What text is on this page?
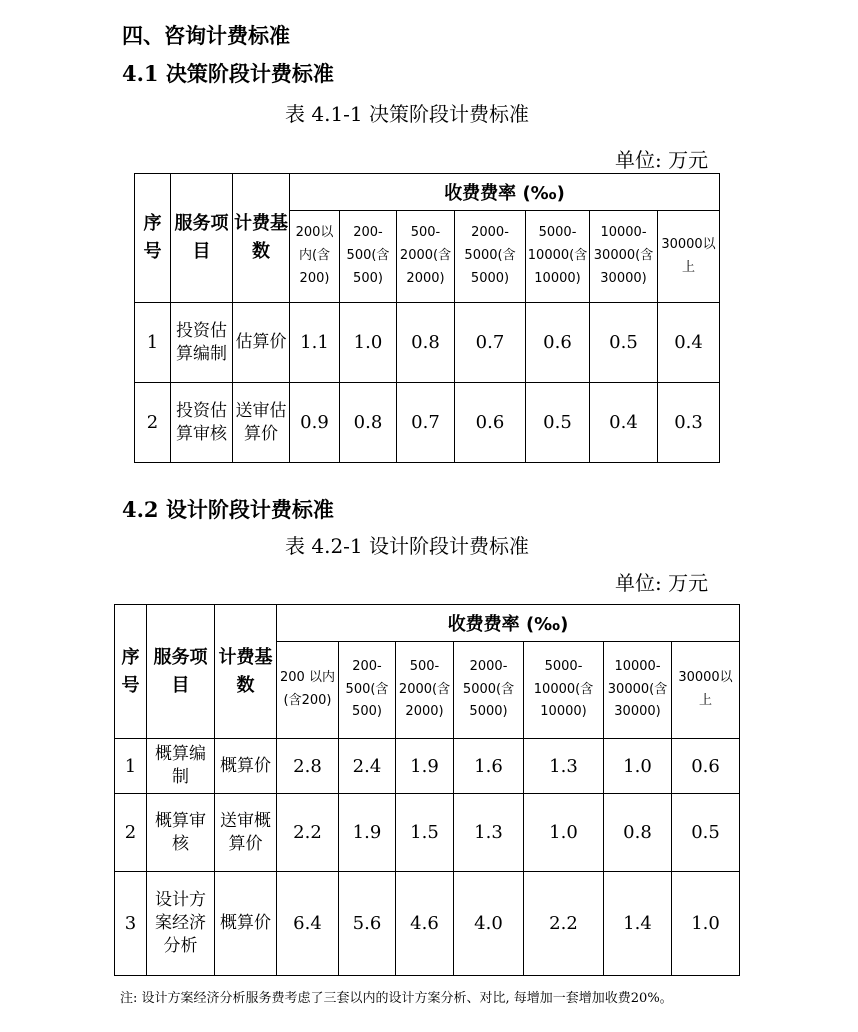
四、咨询计费标准
4.1 决策阶段计费标准
表 4.1-1 决策阶段计费标准
单位: 万元
序号	服务项目	计费基数	收费费率 (‰)						
			200以内(含200)	200-500(含500)	500-2000(含2000)	2000-5000(含5000)	5000-10000(含10000)	10000-30000(含30000)	30000以上
1	投资估算编制	估算价	1.1	1.0	0.8	0.7	0.6	0.5	0.4
2	投资估算审核	送审估算价	0.9	0.8	0.7	0.6	0.5	0.4	0.3
4.2 设计阶段计费标准
表 4.2-1 设计阶段计费标准
单位: 万元
序号	服务项目	计费基数	收费费率 (‰)						
			200 以内(含200)	200-500(含500)	500-2000(含2000)	2000-5000(含5000)	5000-10000(含10000)	10000-30000(含30000)	30000以上
1	概算编制	概算价	2.8	2.4	1.9	1.6	1.3	1.0	0.6
2	概算审核	送审概算价	2.2	1.9	1.5	1.3	1.0	0.8	0.5
3	设计方案经济分析	概算价	6.4	5.6	4.6	4.0	2.2	1.4	1.0
注: 设计方案经济分析服务费考虑了三套以内的设计方案分析、对比, 每增加一套增加收费20%。
